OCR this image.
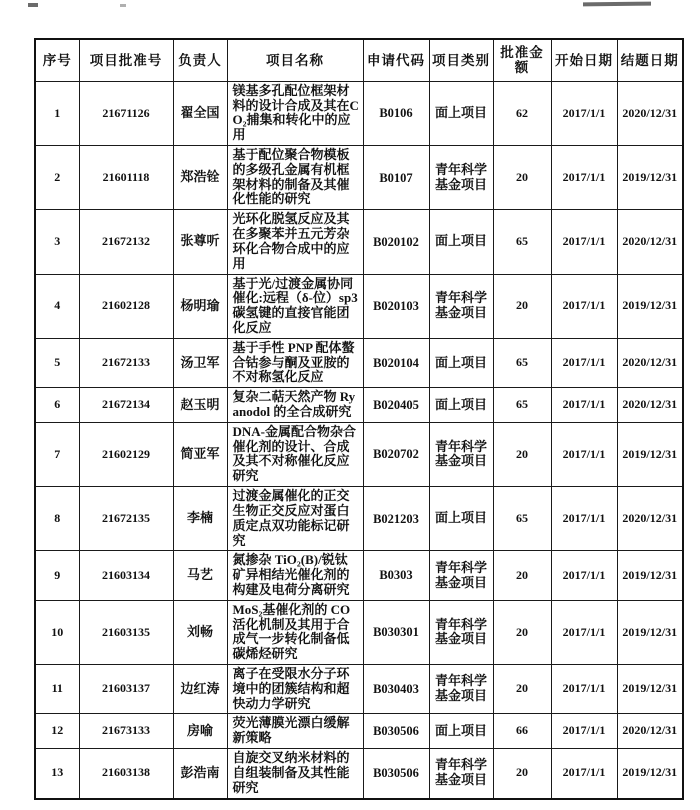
序号	项目批准号	负责人	项目名称	申请代码	项目类别	批准金额	开始日期	结题日期
1	21671126	翟全国	镁基多孔配位框架材料的设计合成及其在CO₂捕集和转化中的应用	B0106	面上项目	62	2017/1/1	2020/12/31
2	21601118	郑浩铨	基于配位聚合物模板的多级孔金属有机框架材料的制备及其催化性能的研究	B0107	青年科学基金项目	20	2017/1/1	2019/12/31
3	21672132	张尊听	光环化脱氢反应及其在多聚苯并五元芳杂环化合物合成中的应用	B020102	面上项目	65	2017/1/1	2020/12/31
4	21602128	杨明瑜	基于光/过渡金属协同催化:远程（δ-位）sp3碳氢键的直接官能团化反应	B020103	青年科学基金项目	20	2017/1/1	2019/12/31
5	21672133	汤卫军	基于手性 PNP 配体螯合钴参与酮及亚胺的不对称氢化反应	B020104	面上项目	65	2017/1/1	2020/12/31
6	21672134	赵玉明	复杂二萜天然产物 Ryanodol 的全合成研究	B020405	面上项目	65	2017/1/1	2020/12/31
7	21602129	简亚军	DNA-金属配合物杂合催化剂的设计、合成及其不对称催化反应研究	B020702	青年科学基金项目	20	2017/1/1	2019/12/31
8	21672135	李楠	过渡金属催化的正交生物正交反应对蛋白质定点双功能标记研究	B021203	面上项目	65	2017/1/1	2020/12/31
9	21603134	马艺	氮掺杂 TiO₂(B)/锐钛矿异相结光催化剂的构建及电荷分离研究	B0303	青年科学基金项目	20	2017/1/1	2019/12/31
10	21603135	刘畅	MoS₂基催化剂的 CO 活化机制及其用于合成气一步转化制备低碳烯烃研究	B030301	青年科学基金项目	20	2017/1/1	2019/12/31
11	21603137	边红涛	离子在受限水分子环境中的团簇结构和超快动力学研究	B030403	青年科学基金项目	20	2017/1/1	2019/12/31
12	21673133	房喻	荧光薄膜光漂白缓解新策略	B030506	面上项目	66	2017/1/1	2020/12/31
13	21603138	彭浩南	自旋交叉纳米材料的自组装制备及其性能研究	B030506	青年科学基金项目	20	2017/1/1	2019/12/31
